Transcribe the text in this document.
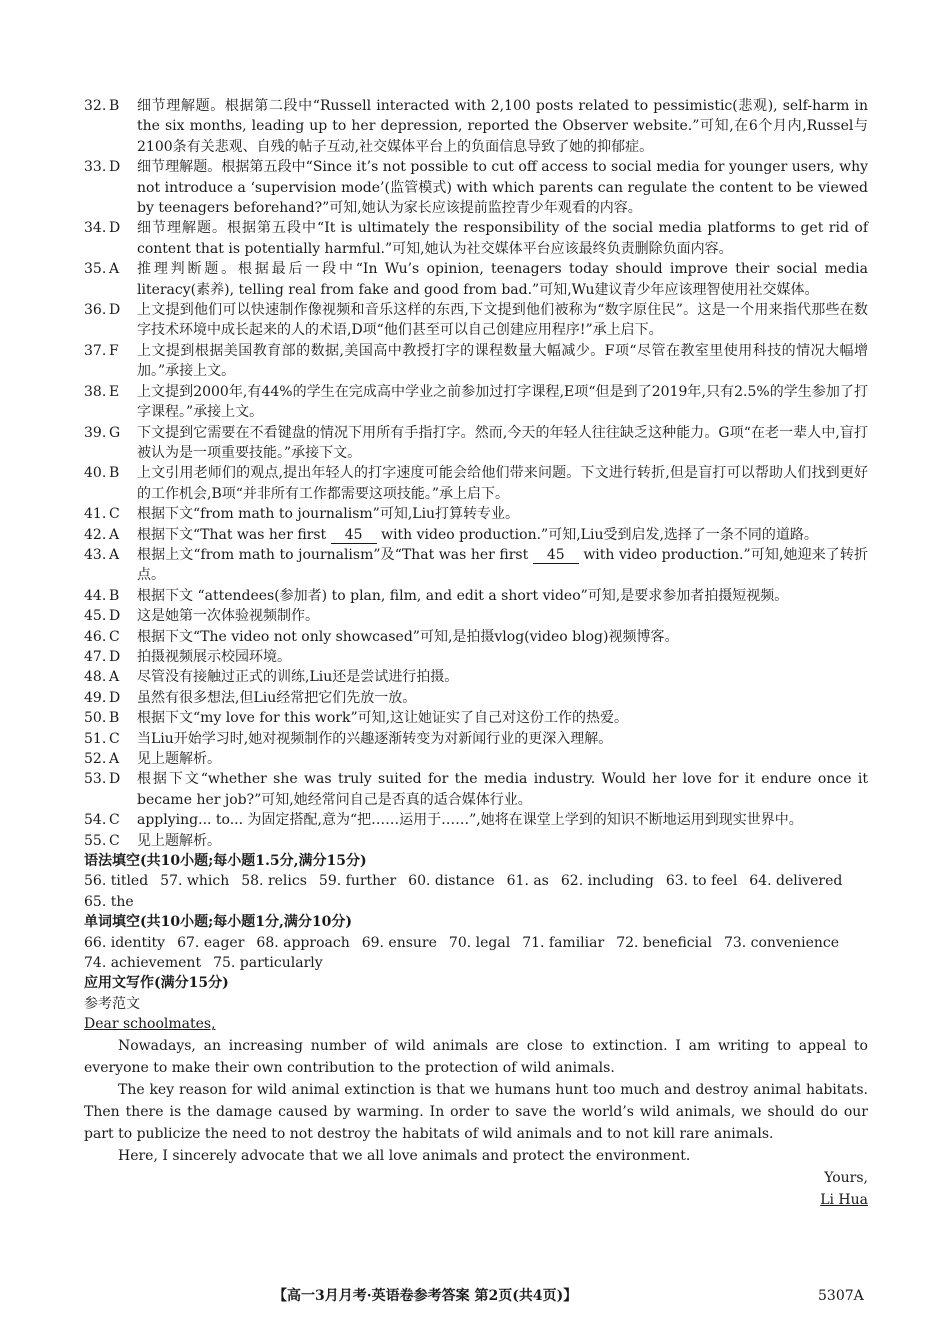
32. B	细节理解题。根据第二段中“Russell interacted with 2,100 posts related to pessimistic(悲观), self-harm in the six months, leading up to her depression, reported the Observer website.”可知,在6个月内,Russel与2100条有关悲观、自残的帖子互动,社交媒体平台上的负面信息导致了她的抑郁症。
33. D	细节理解题。根据第五段中“Since it’s not possible to cut off access to social media for younger users, why not introduce a ‘supervision mode’(监管模式) with which parents can regulate the content to be viewed by teenagers beforehand?”可知,她认为家长应该提前监控青少年观看的内容。
34. D	细节理解题。根据第五段中“It is ultimately the responsibility of the social media platforms to get rid of content that is potentially harmful.”可知,她认为社交媒体平台应该最终负责删除负面内容。
35. A	推理判断题。根据最后一段中“In Wu’s opinion, teenagers today should improve their social media literacy(素养), telling real from fake and good from bad.”可知,Wu建议青少年应该理智使用社交媒体。
36. D	上文提到他们可以快速制作像视频和音乐这样的东西,下文提到他们被称为“数字原住民”。这是一个用来指代那些在数字技术环境中成长起来的人的术语,D项“他们甚至可以自己创建应用程序!”承上启下。
37. F	上文提到根据美国教育部的数据,美国高中教授打字的课程数量大幅减少。F项“尽管在教室里使用科技的情况大幅增加。”承接上文。
38. E	上文提到2000年,有44%的学生在完成高中学业之前参加过打字课程,E项“但是到了2019年,只有2.5%的学生参加了打字课程。”承接上文。
39. G	下文提到它需要在不看键盘的情况下用所有手指打字。然而,今天的年轻人往往缺乏这种能力。G项“在老一辈人中,盲打被认为是一项重要技能。”承接下文。
40. B	上文引用老师们的观点,提出年轻人的打字速度可能会给他们带来问题。下文进行转折,但是盲打可以帮助人们找到更好的工作机会,B项“并非所有工作都需要这项技能。”承上启下。
41. C	根据下文“from math to journalism”可知,Liu打算转专业。
42. A	根据下文“That was her first 45 with video production.”可知,Liu受到启发,选择了一条不同的道路。
43. A	根据上文“from math to journalism”及“That was her first 45 with video production.”可知,她迎来了转折点。
44. B	根据下文 “attendees(参加者) to plan, film, and edit a short video”可知,是要求参加者拍摄短视频。
45. D	这是她第一次体验视频制作。
46. C	根据下文“The video not only showcased”可知,是拍摄vlog(video blog)视频博客。
47. D	拍摄视频展示校园环境。
48. A	尽管没有接触过正式的训练,Liu还是尝试进行拍摄。
49. D	虽然有很多想法,但Liu经常把它们先放一放。
50. B	根据下文“my love for this work”可知,这让她证实了自己对这份工作的热爱。
51. C	当Liu开始学习时,她对视频制作的兴趣逐渐转变为对新闻行业的更深入理解。
52. A	见上题解析。
53. D	根据下文“whether she was truly suited for the media industry. Would her love for it endure once it became her job?”可知,她经常问自己是否真的适合媒体行业。
54. C	applying... to... 为固定搭配,意为“把……运用于……”,她将在课堂上学到的知识不断地运用到现实世界中。
55. C	见上题解析。
语法填空(共10小题;每小题1.5分,满分15分)
56. titled 57. which 58. relics 59. further 60. distance 61. as 62. including 63. to feel 64. delivered
65. the
单词填空(共10小题;每小题1分,满分10分)
66. identity 67. eager 68. approach 69. ensure 70. legal 71. familiar 72. beneficial 73. convenience
74. achievement 75. particularly
应用文写作(满分15分)
参考范文
Dear schoolmates,

Nowadays, an increasing number of wild animals are close to extinction. I am writing to appeal to everyone to make their own contribution to the protection of wild animals.

The key reason for wild animal extinction is that we humans hunt too much and destroy animal habitats. Then there is the damage caused by warming. In order to save the world’s wild animals, we should do our part to publicize the need to not destroy the habitats of wild animals and to not kill rare animals.

Here, I sincerely advocate that we all love animals and protect the environment.

Yours,
Li Hua
【高一3月月考·英语卷参考答案 第2页(共4页)】	5307A
